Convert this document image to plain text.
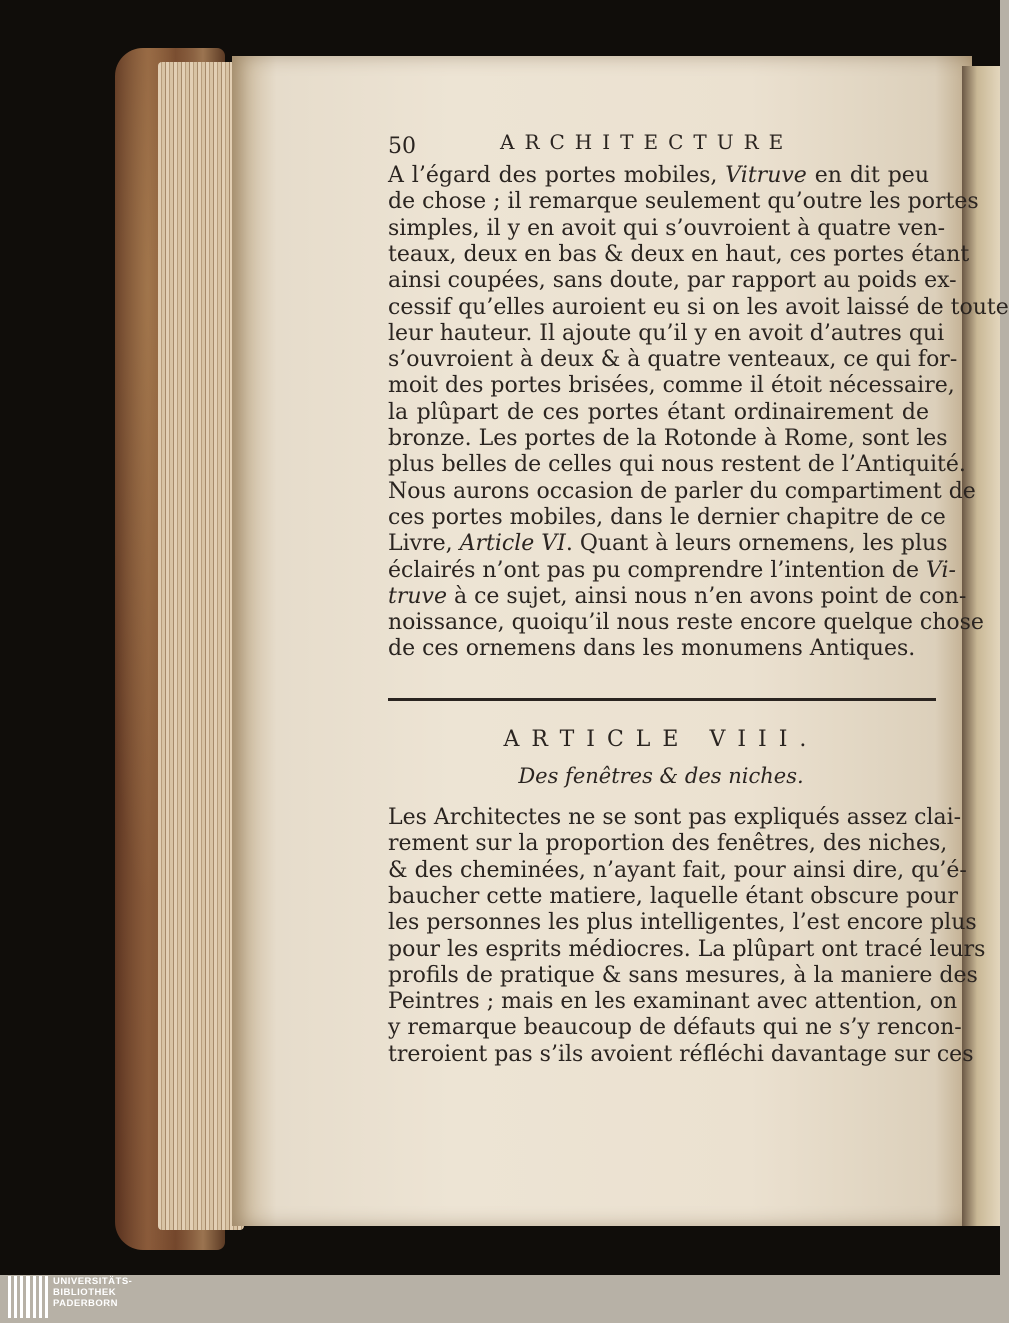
50	ARCHITECTURE
ARTICLE VIII.
Des fenêtres & des niches.
A l’égard des portes mobiles, Vitruve en dit peu
de chose ; il remarque seulement qu’outre les portes
simples, il y en avoit qui s’ouvroient à quatre ven-
teaux, deux en bas & deux en haut, ces portes étant
ainsi coupées, sans doute, par rapport au poids ex-
cessif qu’elles auroient eu si on les avoit laissé de toute
leur hauteur. Il ajoute qu’il y en avoit d’autres qui
s’ouvroient à deux & à quatre venteaux, ce qui for-
moit des portes brisées, comme il étoit nécessaire,
la plûpart de ces portes étant ordinairement de
bronze. Les portes de la Rotonde à Rome, sont les
plus belles de celles qui nous restent de l’Antiquité.
Nous aurons occasion de parler du compartiment de
ces portes mobiles, dans le dernier chapitre de ce
Livre, Article VI. Quant à leurs ornemens, les plus
éclairés n’ont pas pu comprendre l’intention de Vi-
truve à ce sujet, ainsi nous n’en avons point de con-
noissance, quoiqu’il nous reste encore quelque chose
de ces ornemens dans les monumens Antiques.
Les Architectes ne se sont pas expliqués assez clai-
rement sur la proportion des fenêtres, des niches,
& des cheminées, n’ayant fait, pour ainsi dire, qu’é-
baucher cette matiere, laquelle étant obscure pour
les personnes les plus intelligentes, l’est encore plus
pour les esprits médiocres. La plûpart ont tracé leurs
profils de pratique & sans mesures, à la maniere des
Peintres ; mais en les examinant avec attention, on
y remarque beaucoup de défauts qui ne s’y rencon-
treroient pas s’ils avoient réfléchi davantage sur ces
UNIVERSITÄTS-
BIBLIOTHEK
PADERBORN
